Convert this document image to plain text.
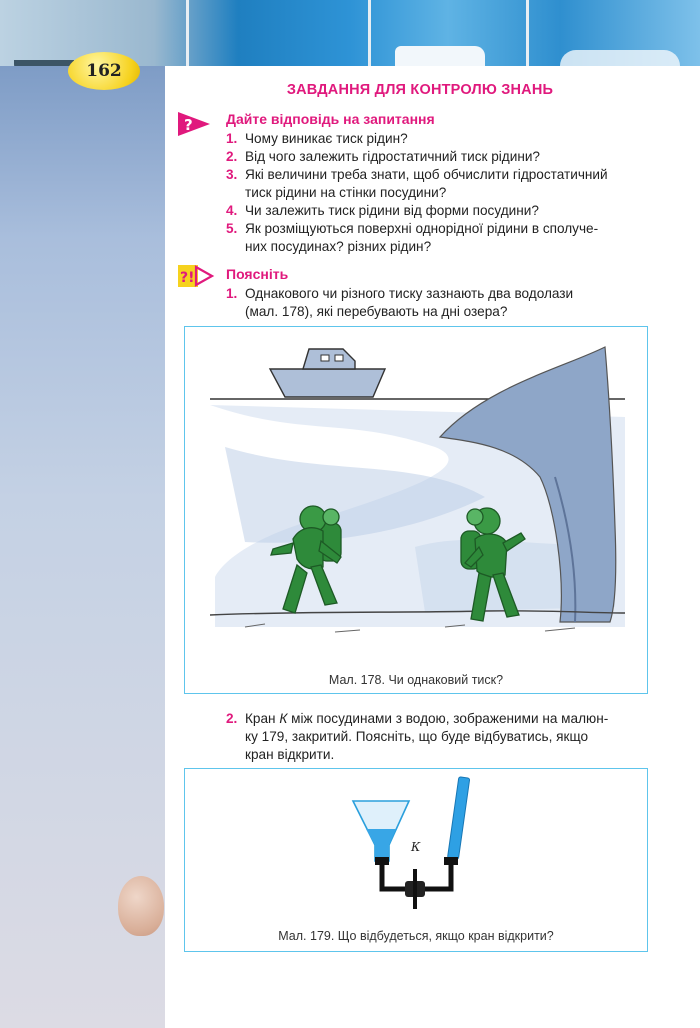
162
ЗАВДАННЯ ДЛЯ КОНТРОЛЮ ЗНАНЬ
? Дайте відповідь на запитання
1. Чому виникає тиск рідин?
2. Від чого залежить гідростатичний тиск рідини?
3. Які величини треба знати, щоб обчислити гідростатичний
тиск рідини на стінки посудини?
4. Чи залежить тиск рідини від форми посудини?
5. Як розміщуються поверхні однорідної рідини в сполуче-
них посудинах? різних рідин?
?! Поясніть
1. Однакового чи різного тиску зазнають два водолази
(мал. 178), які перебувають на дні озера?
Мал. 178. Чи однаковий тиск?
2. Кран К між посудинами з водою, зображеними на малюн-
ку 179, закритий. Поясніть, що буде відбуватись, якщо
кран відкрити.
К
Мал. 179. Що відбудеться, якщо кран відкрити?
